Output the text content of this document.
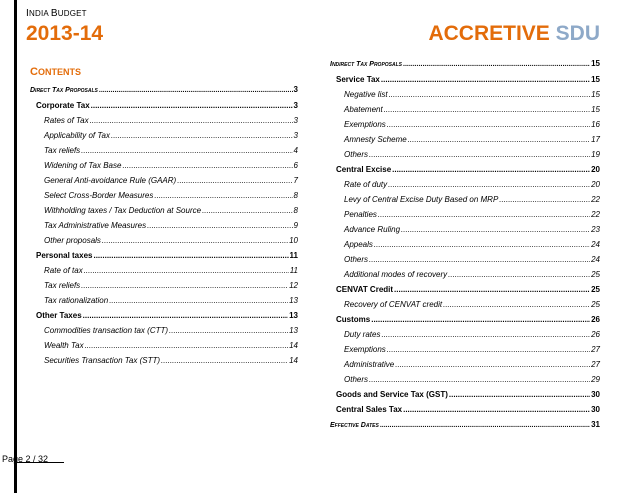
INDIA BUDGET
2013-14	ACCRETIVE SDU
CONTENTS
Direct Tax Proposals .....	3
Corporate Tax .....	3
Rates of Tax .....	3
Applicability of Tax .....	3
Tax reliefs .....	4
Widening of Tax Base .....	6
General Anti-avoidance Rule (GAAR) .....	7
Select Cross-Border Measures .....	8
Withholding taxes / Tax Deduction at Source .....	8
Tax Administrative Measures .....	9
Other proposals .....	10
Personal taxes .....	11
Rate of tax .....	11
Tax reliefs .....	12
Tax rationalization .....	13
Other Taxes .....	13
Commodities transaction tax (CTT) .....	13
Wealth Tax .....	14
Securities Transaction Tax (STT) .....	14
Indirect Tax Proposals .....	15
Service Tax .....	15
Negative list .....	15
Abatement .....	15
Exemptions .....	16
Amnesty Scheme .....	17
Others .....	19
Central Excise .....	20
Rate of duty .....	20
Levy of Central Excise Duty Based on MRP .....	22
Penalties .....	22
Advance Ruling .....	23
Appeals .....	24
Others .....	24
Additional modes of recovery .....	25
CENVAT Credit .....	25
Recovery of CENVAT credit .....	25
Customs .....	26
Duty rates .....	26
Exemptions .....	27
Administrative .....	27
Others .....	29
Goods and Service Tax (GST) .....	30
Central Sales Tax .....	30
Effective Dates .....	31
Page 2 / 32
